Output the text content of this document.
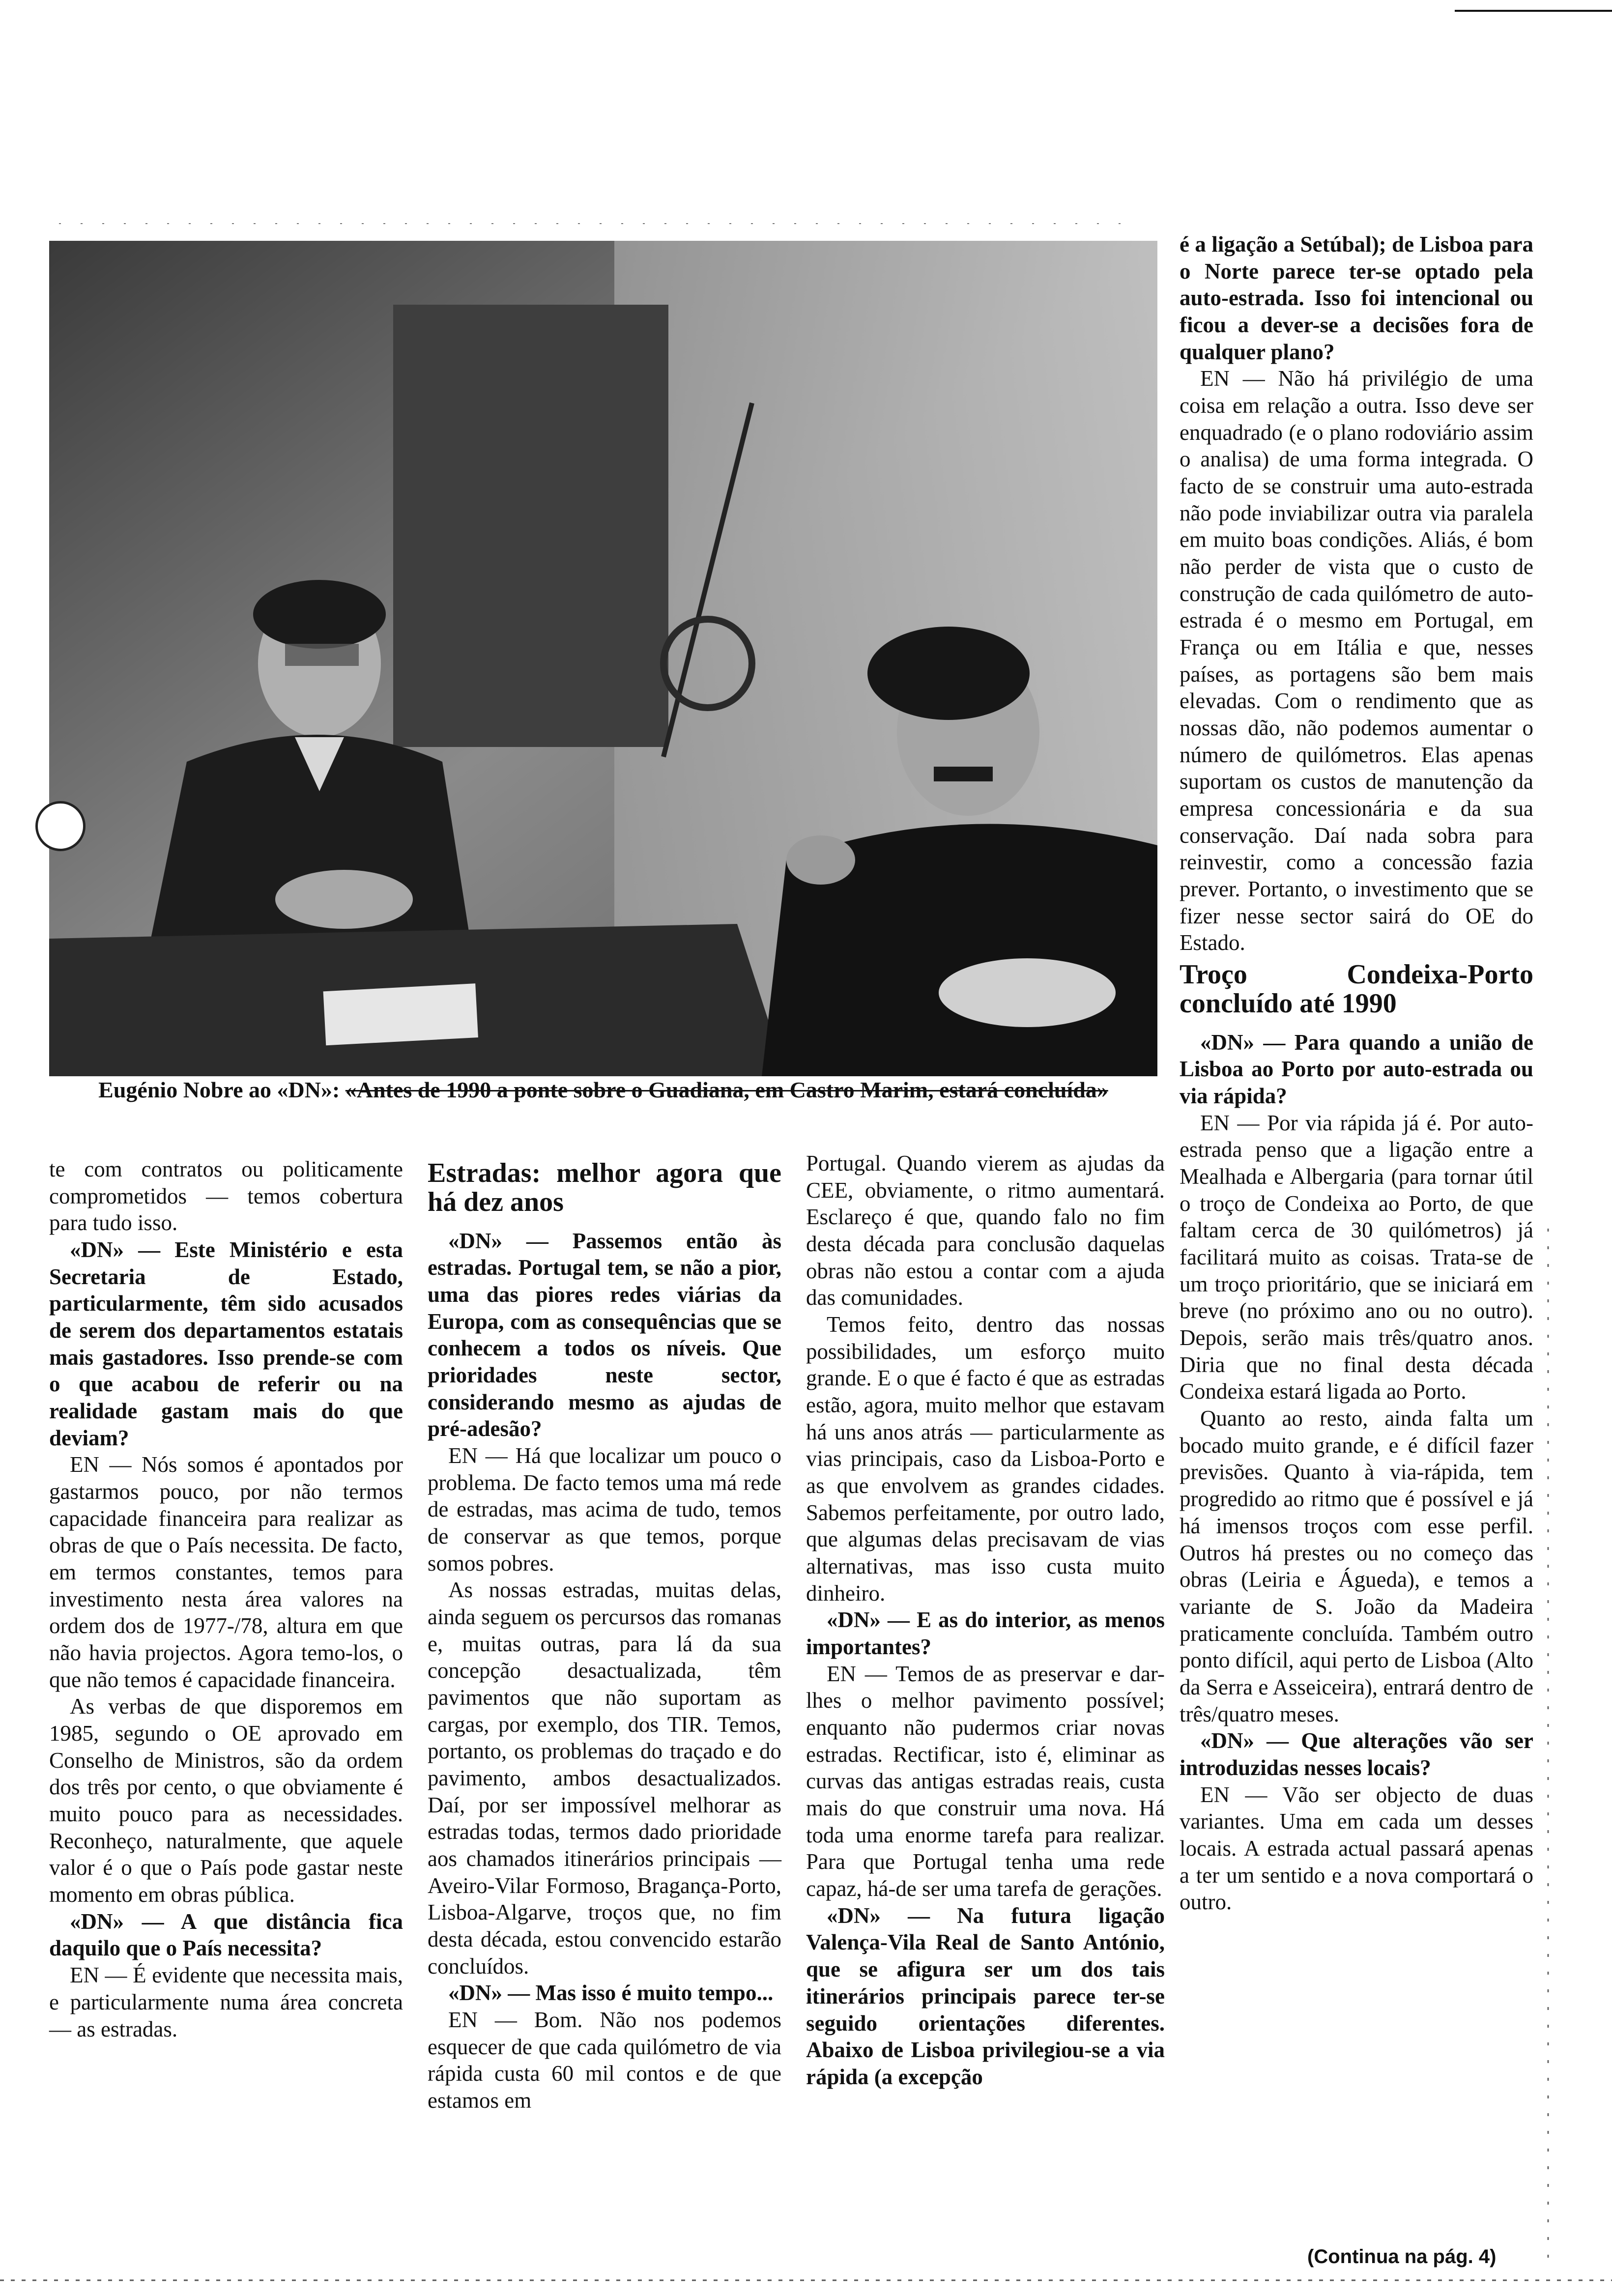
Eugénio Nobre ao «DN»: «Antes de 1990 a ponte sobre o Guadiana, em Castro Marim, estará concluída»

te com contratos ou politicamente comprometidos — temos cobertura para tudo isso.

«DN» — Este Ministério e esta Secretaria de Estado, particularmente, têm sido acusados de serem dos departamentos estatais mais gastadores. Isso prende-se com o que acabou de referir ou na realidade gastam mais do que deviam?

EN — Nós somos é apontados por gastarmos pouco, por não termos capacidade financeira para realizar as obras de que o País necessita. De facto, em termos constantes, temos para investimento nesta área valores na ordem dos de 1977-/78, altura em que não havia projectos. Agora temo-los, o que não temos é capacidade financeira.

As verbas de que disporemos em 1985, segundo o OE aprovado em Conselho de Ministros, são da ordem dos três por cento, o que obviamente é muito pouco para as necessidades. Reconheço, naturalmente, que aquele valor é o que o País pode gastar neste momento em obras pública.

«DN» — A que distância fica daquilo que o País necessita?

EN — É evidente que necessita mais, e particularmente numa área concreta — as estradas.

Estradas: melhor agora que há dez anos

«DN» — Passemos então às estradas. Portugal tem, se não a pior, uma das piores redes viárias da Europa, com as consequências que se conhecem a todos os níveis. Que prioridades neste sector, considerando mesmo as ajudas de pré-adesão?

EN — Há que localizar um pouco o problema. De facto temos uma má rede de estradas, mas acima de tudo, temos de conservar as que temos, porque somos pobres.

As nossas estradas, muitas delas, ainda seguem os percursos das romanas e, muitas outras, para lá da sua concepção desactualizada, têm pavimentos que não suportam as cargas, por exemplo, dos TIR. Temos, portanto, os problemas do traçado e do pavimento, ambos desactualizados. Daí, por ser impossível melhorar as estradas todas, termos dado prioridade aos chamados itinerários principais — Aveiro-Vilar Formoso, Bragança-Porto, Lisboa-Algarve, troços que, no fim desta década, estou convencido estarão concluídos.

«DN» — Mas isso é muito tempo...

EN — Bom. Não nos podemos esquecer de que cada quilómetro de via rápida custa 60 mil contos e de que estamos em

Portugal. Quando vierem as ajudas da CEE, obviamente, o ritmo aumentará. Esclareço é que, quando falo no fim desta década para conclusão daquelas obras não estou a contar com a ajuda das comunidades.

Temos feito, dentro das nossas possibilidades, um esforço muito grande. E o que é facto é que as estradas estão, agora, muito melhor que estavam há uns anos atrás — particularmente as vias principais, caso da Lisboa-Porto e as que envolvem as grandes cidades. Sabemos perfeitamente, por outro lado, que algumas delas precisavam de vias alternativas, mas isso custa muito dinheiro.

«DN» — E as do interior, as menos importantes?

EN — Temos de as preservar e dar-lhes o melhor pavimento possível; enquanto não pudermos criar novas estradas. Rectificar, isto é, eliminar as curvas das antigas estradas reais, custa mais do que construir uma nova. Há toda uma enorme tarefa para realizar. Para que Portugal tenha uma rede capaz, há-de ser uma tarefa de gerações.

«DN» — Na futura ligação Valença-Vila Real de Santo António, que se afigura ser um dos tais itinerários principais parece ter-se seguido orientações diferentes. Abaixo de Lisboa privilegiou-se a via rápida (a excepção

é a ligação a Setúbal); de Lisboa para o Norte parece ter-se optado pela auto-estrada. Isso foi intencional ou ficou a dever-se a decisões fora de qualquer plano?

EN — Não há privilégio de uma coisa em relação a outra. Isso deve ser enquadrado (e o plano rodoviário assim o analisa) de uma forma integrada. O facto de se construir uma auto-estrada não pode inviabilizar outra via paralela em muito boas condições. Aliás, é bom não perder de vista que o custo de construção de cada quilómetro de auto-estrada é o mesmo em Portugal, em França ou em Itália e que, nesses países, as portagens são bem mais elevadas. Com o rendimento que as nossas dão, não podemos aumentar o número de quilómetros. Elas apenas suportam os custos de manutenção da empresa concessionária e da sua conservação. Daí nada sobra para reinvestir, como a concessão fazia prever. Portanto, o investimento que se fizer nesse sector sairá do OE do Estado.

Troço Condeixa-Porto concluído até 1990

«DN» — Para quando a união de Lisboa ao Porto por auto-estrada ou via rápida?

EN — Por via rápida já é. Por auto-estrada penso que a ligação entre a Mealhada e Albergaria (para tornar útil o troço de Condeixa ao Porto, de que faltam cerca de 30 quilómetros) já facilitará muito as coisas. Trata-se de um troço prioritário, que se iniciará em breve (no próximo ano ou no outro). Depois, serão mais três/quatro anos. Diria que no final desta década Condeixa estará ligada ao Porto.

Quanto ao resto, ainda falta um bocado muito grande, e é difícil fazer previsões. Quanto à via-rápida, tem progredido ao ritmo que é possível e já há imensos troços com esse perfil. Outros há prestes ou no começo das obras (Leiria e Águeda), e temos a variante de S. João da Madeira praticamente concluída. Também outro ponto difícil, aqui perto de Lisboa (Alto da Serra e Asseiceira), entrará dentro de três/quatro meses.

«DN» — Que alterações vão ser introduzidas nesses locais?

EN — Vão ser objecto de duas variantes. Uma em cada um desses locais. A estrada actual passará apenas a ter um sentido e a nova comportará o outro.

(Continua na pág. 4)
